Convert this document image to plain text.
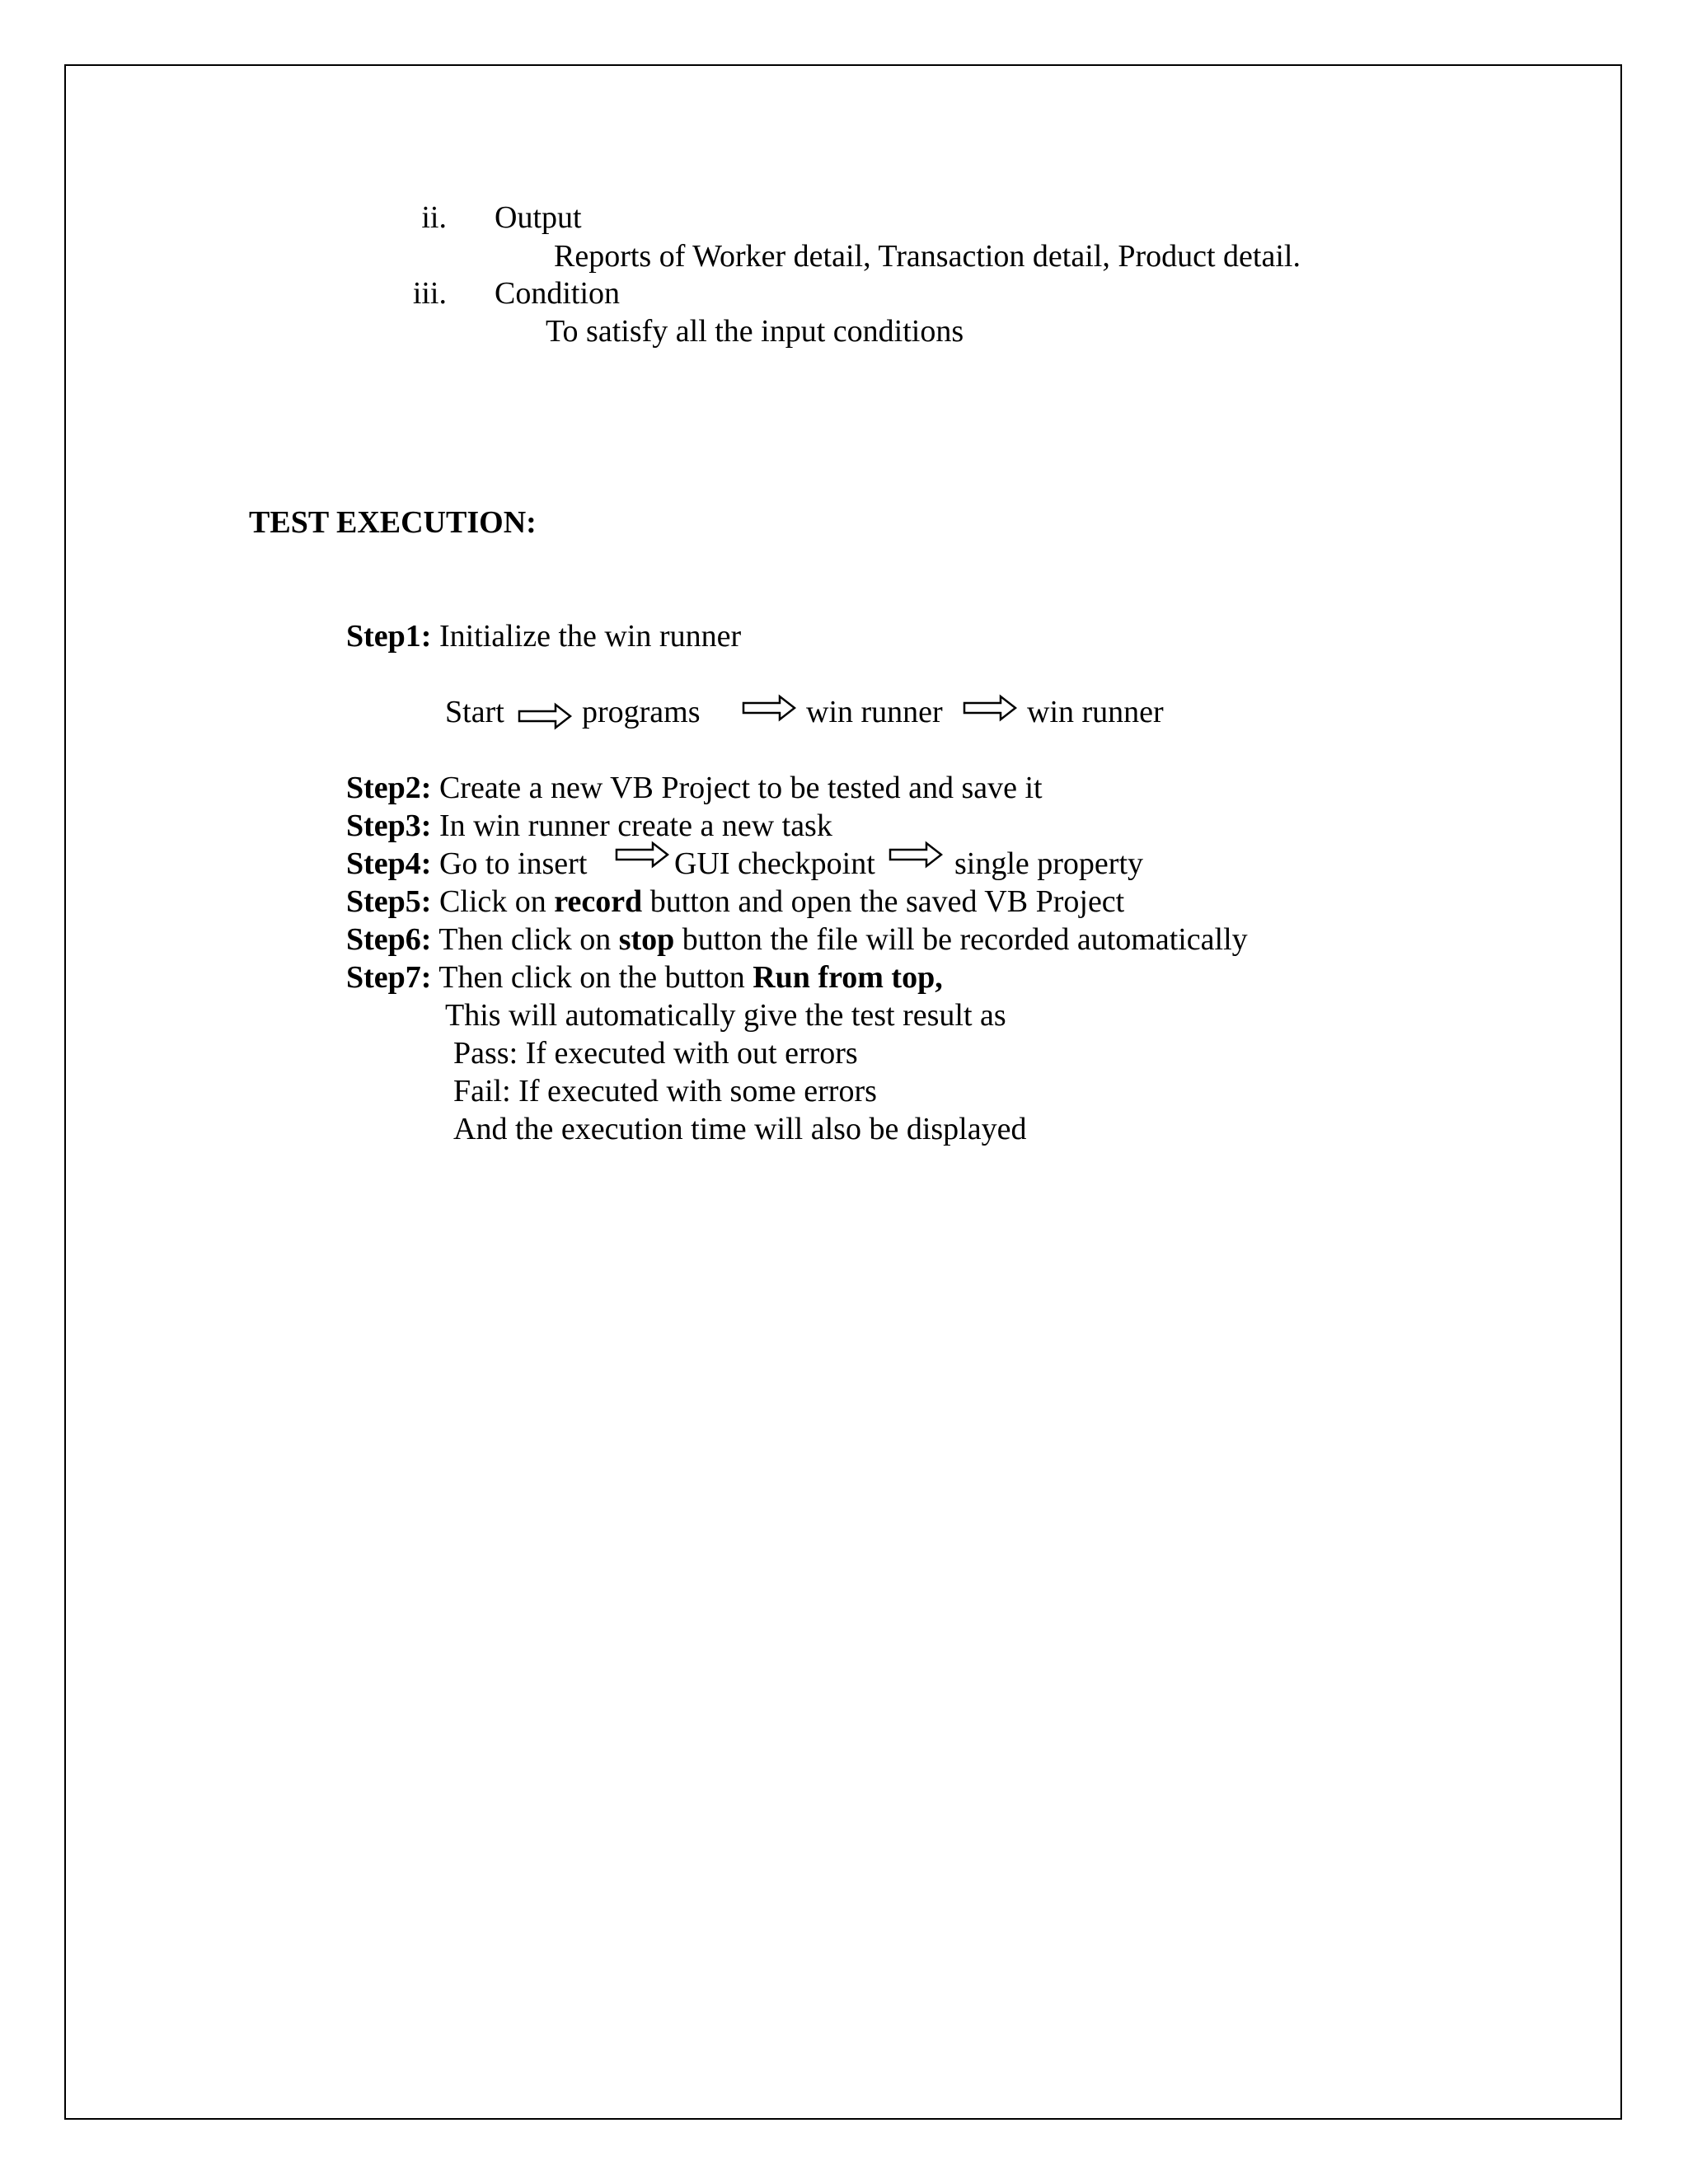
ii. Output
Reports of Worker detail, Transaction detail, Product detail.
iii. Condition
To satisfy all the input conditions
TEST EXECUTION:
Step1: Initialize the win runner
Start programs	win runner	win runner
Step2: Create a new VB Project to be tested and save it
Step3: In win runner create a new task
Step4: Go to insert	GUI checkpoint	single property
Step5: Click on record button and open the saved VB Project
Step6: Then click on stop button the file will be recorded automatically
Step7: Then click on the button Run from top,
This will automatically give the test result as
Pass: If executed with out errors
Fail: If executed with some errors
And the execution time will also be displayed
